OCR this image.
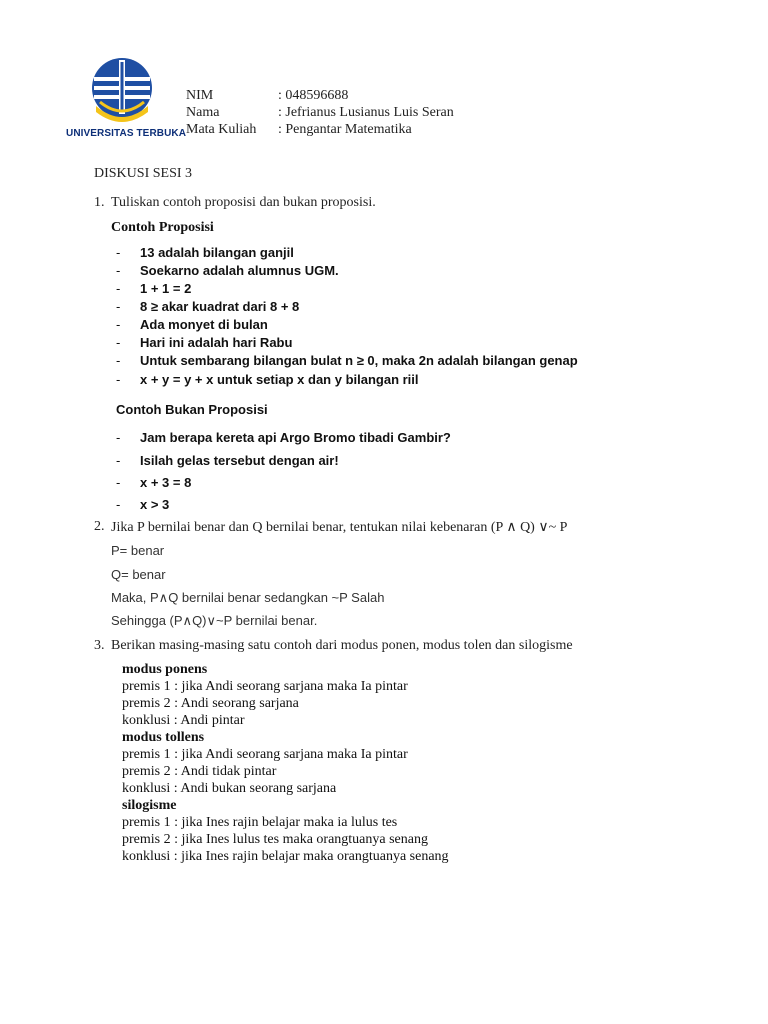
UNIVERSITAS TERBUKA
NIM	: 048596688
Nama	: Jefrianus Lusianus Luis Seran
Mata Kuliah : Pengantar Matematika
DISKUSI SESI 3
1. Tuliskan contoh proposisi dan bukan proposisi.
Contoh Proposisi
- 13 adalah bilangan ganjil
- Soekarno adalah alumnus UGM.
- 1 + 1 = 2
- 8 ≥ akar kuadrat dari 8 + 8
- Ada monyet di bulan
- Hari ini adalah hari Rabu
- Untuk sembarang bilangan bulat n ≥ 0, maka 2n adalah bilangan genap
- x + y = y + x untuk setiap x dan y bilangan riil
Contoh Bukan Proposisi
- Jam berapa kereta api Argo Bromo tibadi Gambir?
- Isilah gelas tersebut dengan air!
- x + 3 = 8
- x > 3
2. Jika P bernilai benar dan Q bernilai benar, tentukan nilai kebenaran (P ∧ Q) ∨~ P
P= benar
Q= benar
Maka, P∧Q bernilai benar sedangkan ~P Salah
Sehingga (P∧Q)∨~P bernilai benar.
3. Berikan masing-masing satu contoh dari modus ponen, modus tolen dan silogisme
modus ponens
premis 1 : jika Andi seorang sarjana maka Ia pintar
premis 2 : Andi seorang sarjana
konklusi : Andi pintar
modus tollens
premis 1 : jika Andi seorang sarjana maka Ia pintar
premis 2 : Andi tidak pintar
konklusi : Andi bukan seorang sarjana
silogisme
premis 1 : jika Ines rajin belajar maka ia lulus tes
premis 2 : jika Ines lulus tes maka orangtuanya senang
konklusi : jika Ines rajin belajar maka orangtuanya senang
